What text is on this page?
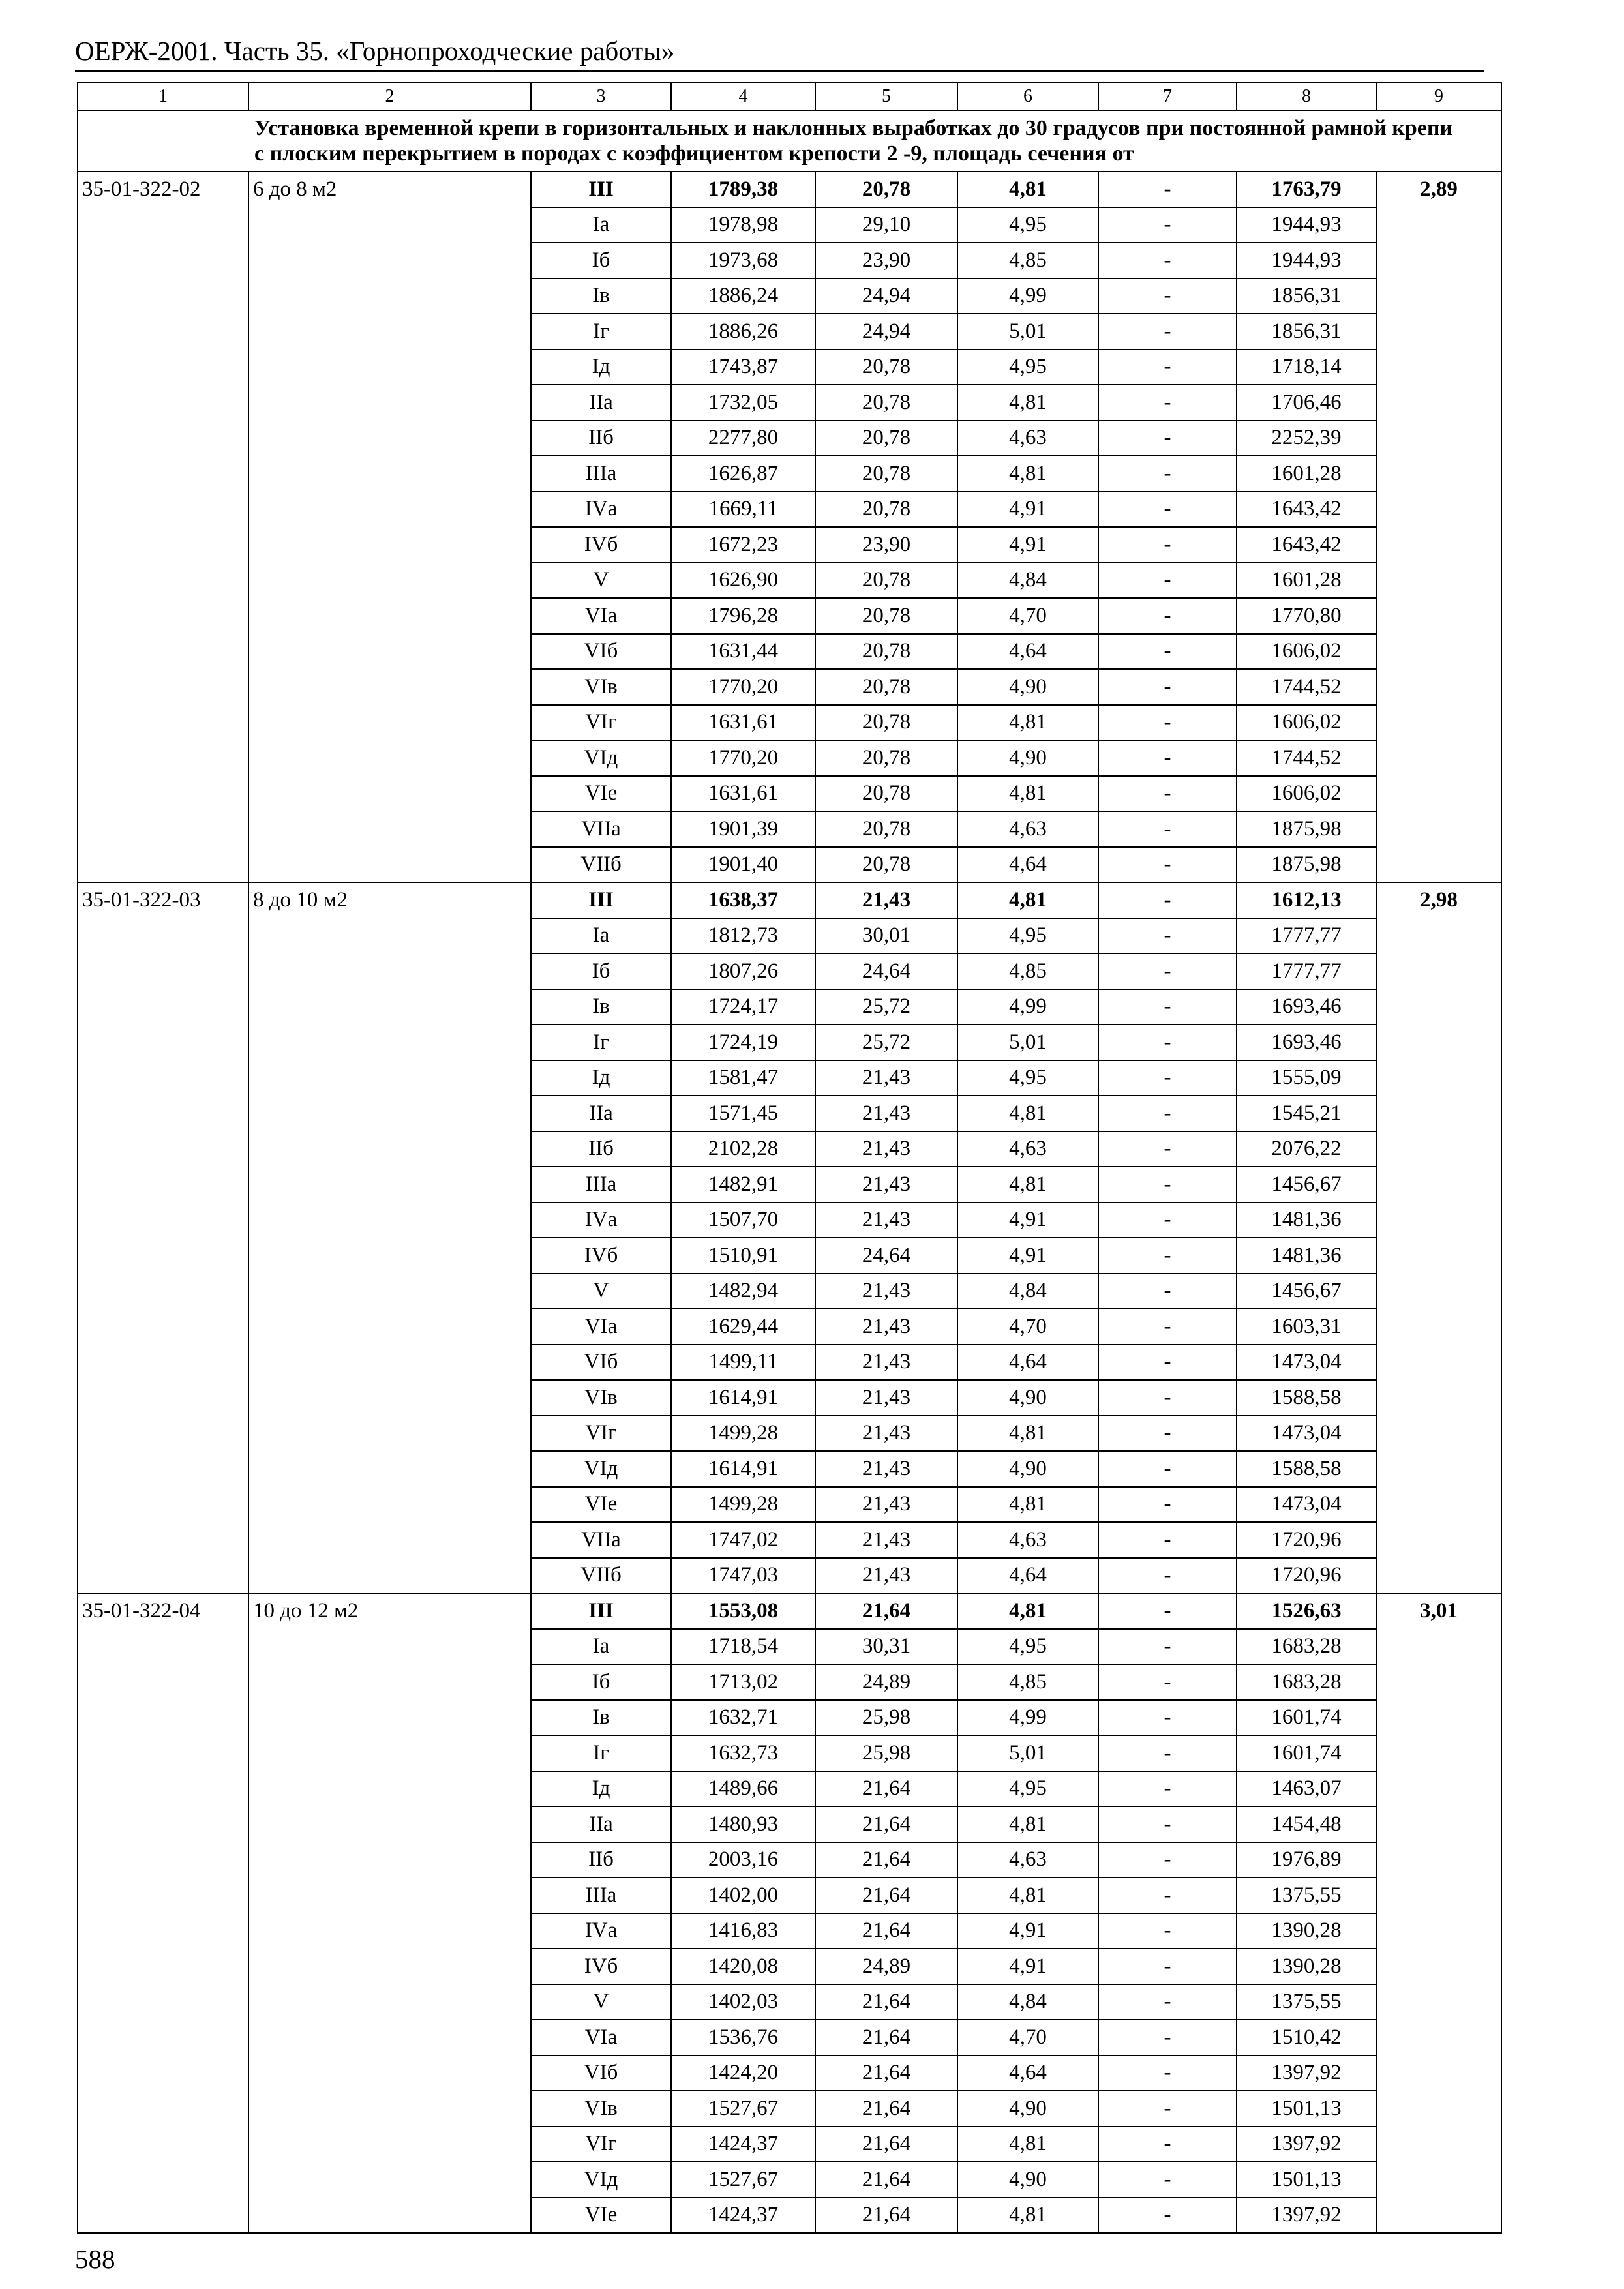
ОЕРЖ-2001. Часть 35. «Горнопроходческие работы»
1	2	3	4	5	6	7	8	9
Установка временной крепи в горизонтальных и наклонных выработках до 30 градусов при постоянной рамной крепи с плоским перекрытием в породах с коэффициентом крепости 2 -9, площадь сечения от								
35-01-322-02	6 до 8 м2	III	1789,38	20,78	4,81	-	1763,79	2,89
		Iа	1978,98	29,10	4,95	-	1944,93	
		Iб	1973,68	23,90	4,85	-	1944,93	
		Iв	1886,24	24,94	4,99	-	1856,31	
		Iг	1886,26	24,94	5,01	-	1856,31	
		Iд	1743,87	20,78	4,95	-	1718,14	
		IIа	1732,05	20,78	4,81	-	1706,46	
		IIб	2277,80	20,78	4,63	-	2252,39	
		IIIа	1626,87	20,78	4,81	-	1601,28	
		IVа	1669,11	20,78	4,91	-	1643,42	
		IVб	1672,23	23,90	4,91	-	1643,42	
		V	1626,90	20,78	4,84	-	1601,28	
		VIа	1796,28	20,78	4,70	-	1770,80	
		VIб	1631,44	20,78	4,64	-	1606,02	
		VIв	1770,20	20,78	4,90	-	1744,52	
		VIг	1631,61	20,78	4,81	-	1606,02	
		VIд	1770,20	20,78	4,90	-	1744,52	
		VIе	1631,61	20,78	4,81	-	1606,02	
		VIIа	1901,39	20,78	4,63	-	1875,98	
		VIIб	1901,40	20,78	4,64	-	1875,98	
35-01-322-03	8 до 10 м2	III	1638,37	21,43	4,81	-	1612,13	2,98
		Iа	1812,73	30,01	4,95	-	1777,77	
		Iб	1807,26	24,64	4,85	-	1777,77	
		Iв	1724,17	25,72	4,99	-	1693,46	
		Iг	1724,19	25,72	5,01	-	1693,46	
		Iд	1581,47	21,43	4,95	-	1555,09	
		IIа	1571,45	21,43	4,81	-	1545,21	
		IIб	2102,28	21,43	4,63	-	2076,22	
		IIIа	1482,91	21,43	4,81	-	1456,67	
		IVа	1507,70	21,43	4,91	-	1481,36	
		IVб	1510,91	24,64	4,91	-	1481,36	
		V	1482,94	21,43	4,84	-	1456,67	
		VIа	1629,44	21,43	4,70	-	1603,31	
		VIб	1499,11	21,43	4,64	-	1473,04	
		VIв	1614,91	21,43	4,90	-	1588,58	
		VIг	1499,28	21,43	4,81	-	1473,04	
		VIд	1614,91	21,43	4,90	-	1588,58	
		VIе	1499,28	21,43	4,81	-	1473,04	
		VIIа	1747,02	21,43	4,63	-	1720,96	
		VIIб	1747,03	21,43	4,64	-	1720,96	
35-01-322-04	10 до 12 м2	III	1553,08	21,64	4,81	-	1526,63	3,01
		Iа	1718,54	30,31	4,95	-	1683,28	
		Iб	1713,02	24,89	4,85	-	1683,28	
		Iв	1632,71	25,98	4,99	-	1601,74	
		Iг	1632,73	25,98	5,01	-	1601,74	
		Iд	1489,66	21,64	4,95	-	1463,07	
		IIа	1480,93	21,64	4,81	-	1454,48	
		IIб	2003,16	21,64	4,63	-	1976,89	
		IIIа	1402,00	21,64	4,81	-	1375,55	
		IVа	1416,83	21,64	4,91	-	1390,28	
		IVб	1420,08	24,89	4,91	-	1390,28	
		V	1402,03	21,64	4,84	-	1375,55	
		VIа	1536,76	21,64	4,70	-	1510,42	
		VIб	1424,20	21,64	4,64	-	1397,92	
		VIв	1527,67	21,64	4,90	-	1501,13	
		VIг	1424,37	21,64	4,81	-	1397,92	
		VIд	1527,67	21,64	4,90	-	1501,13	
		VIе	1424,37	21,64	4,81	-	1397,92	
588
